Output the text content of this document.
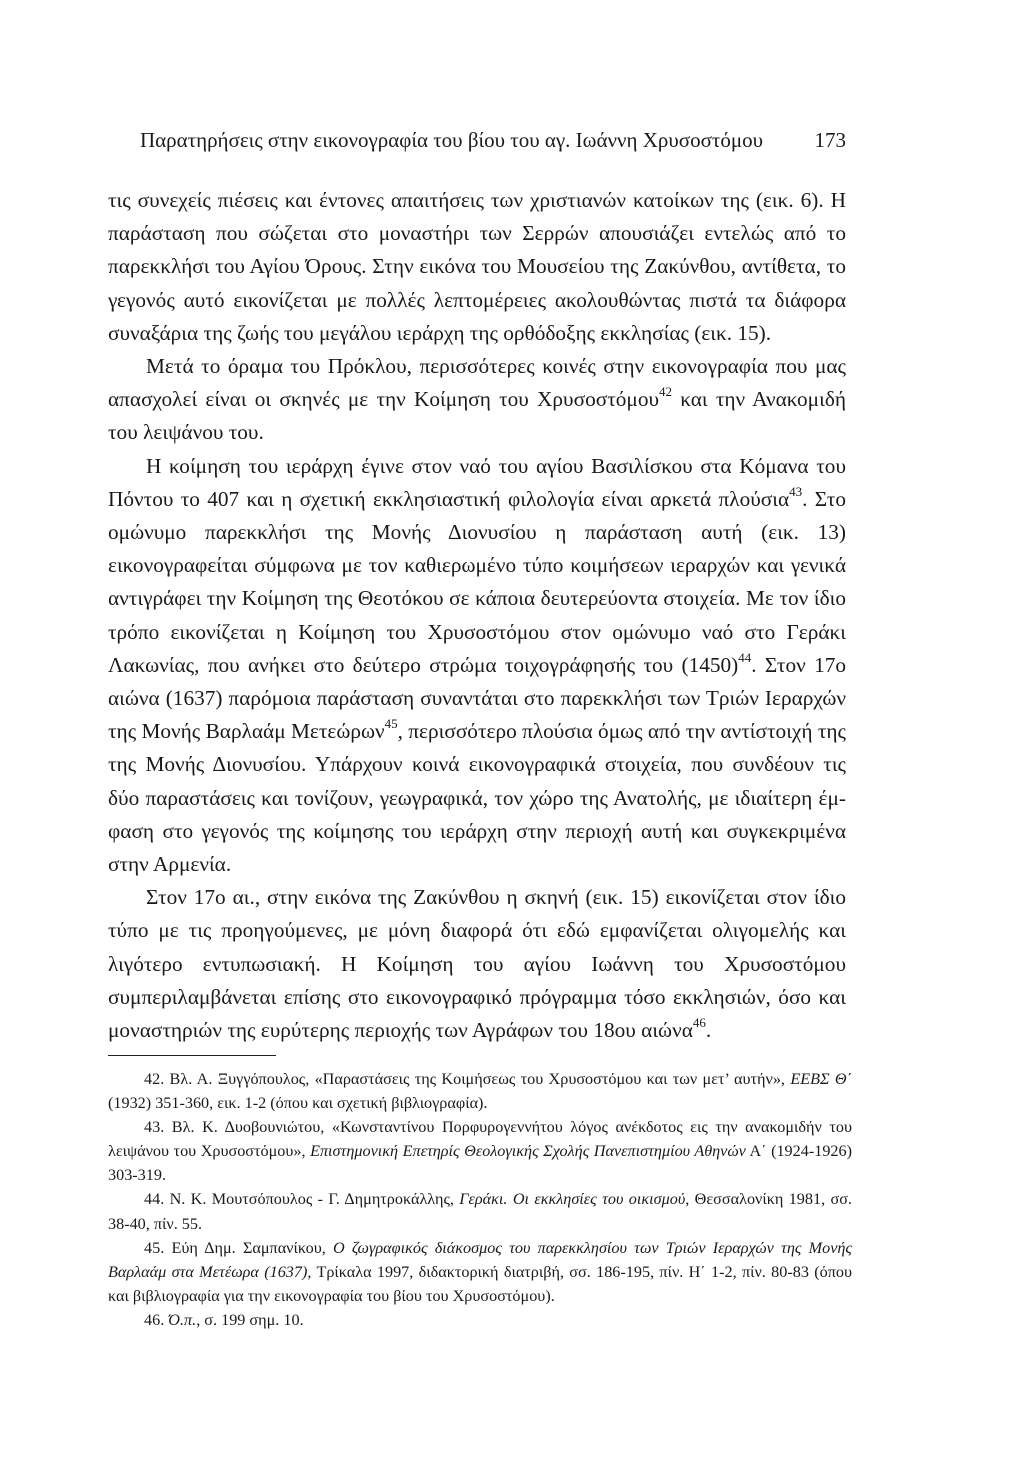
Παρατηρήσεις στην εικονογραφία του βίου του αγ. Ιωάννη Χρυσοστόμου 173

τις συνεχείς πιέσεις και έντονες απαιτήσεις των χριστιανών κατοίκων της (εικ. 6). Η παράσταση που σώζεται στο μοναστήρι των Σερρών απουσιάζει εντελώς από το παρεκκλήσι του Αγίου Όρους. Στην εικόνα του Μουσείου της Ζακύνθου, αντίθετα, το γεγονός αυτό εικονίζεται με πολλές λεπτομέρειες ακολουθώντας πιστά τα διάφορα συναξάρια της ζωής του μεγάλου ιεράρχη της ορθόδοξης εκκλησίας (εικ. 15).

Μετά το όραμα του Πρόκλου, περισσότερες κοινές στην εικονογραφία που μας απασχολεί είναι οι σκηνές με την Κοίμηση του Χρυσοστόμου$^{42}$ και την Ανακομιδή του λειψάνου του.

Η κοίμηση του ιεράρχη έγινε στον ναό του αγίου Βασιλίσκου στα Κόμανα του Πόντου το 407 και η σχετική εκκλησιαστική φιλολογία είναι αρκετά πλούσια$^{43}$. Στο ομώνυμο παρεκκλήσι της Μονής Διονυσίου η παράσταση αυτή (εικ. 13) εικονογραφείται σύμφωνα με τον καθιερωμένο τύπο κοιμήσεων ιεραρχών και γενικά αντιγράφει την Κοίμηση της Θεοτόκου σε κάποια δευτερεύοντα στοιχεία. Με τον ίδιο τρόπο εικονίζεται η Κοίμηση του Χρυσοστόμου στον ομώνυμο ναό στο Γεράκι Λακωνίας, που ανήκει στο δεύτερο στρώμα τοιχογράφησής του $(1450)^{44}$. Στον 17ο αιώνα (1637) παρόμοια παράσταση συναντάται στο παρεκκλήσι των Τριών Ιεραρχών της Μονής Βαρλαάμ Μετεώρων$^{45}$, περισσότερο πλούσια όμως από την αντίστοιχή της της Μονής Διονυσίου. Υπάρχουν κοινά εικονογραφικά στοιχεία, που συνδέουν τις δύο παραστάσεις και τονίζουν, γεωγραφικά, τον χώρο της Ανατολής, με ιδιαίτερη έμφαση στο γεγονός της κοίμησης του ιεράρχη στην περιοχή αυτή και συγκεκριμένα στην Αρμενία.

Στον 17ο αι., στην εικόνα της Ζακύνθου η σκηνή (εικ. 15) εικονίζεται στον ίδιο τύπο με τις προηγούμενες, με μόνη διαφορά ότι εδώ εμφανίζεται ολιγομελής και λιγότερο εντυπωσιακή. Η Κοίμηση του αγίου Ιωάννη του Χρυσοστόμου συμπεριλαμβάνεται επίσης στο εικονογραφικό πρόγραμμα τόσο εκκλησιών, όσο και μοναστηριών της ευρύτερης περιοχής των Αγράφων του 18ου αιώνα$^{46}$.

42. Βλ. Α. Ξυγγόπουλος, «Παραστάσεις της Κοιμήσεως του Χρυσοστόμου και των μετ’ αυτήν», ΕΕΒΣ Θ΄ (1932) 351-360, εικ. 1-2 (όπου και σχετική βιβλιογραφία).

43. Βλ. Κ. Δυοβουνιώτου, «Κωνσταντίνου Πορφυρογεννήτου λόγος ανέκδοτος εις την ανακομιδήν του λειψάνου του Χρυσοστόμου», Επιστημονική Επετηρίς Θεολογικής Σχολής Πανεπιστημίου Αθηνών Α΄ (1924-1926) 303-319.

44. Ν. Κ. Μουτσόπουλος - Γ. Δημητροκάλλης, Γεράκι. Οι εκκλησίες του οικισμού, Θεσσαλονίκη 1981, σσ. 38-40, πίν. 55.

45. Εύη Δημ. Σαμπανίκου, Ο ζωγραφικός διάκοσμος του παρεκκλησίου των Τριών Ιεραρχών της Μονής Βαρλαάμ στα Μετέωρα (1637), Τρίκαλα 1997, διδακτορική διατριβή, σσ. 186-195, πίν. Η΄ 1-2, πίν. 80-83 (όπου και βιβλιογραφία για την εικονογραφία του βίου του Χρυσοστόμου).

46. Ό.π., σ. 199 σημ. 10.
